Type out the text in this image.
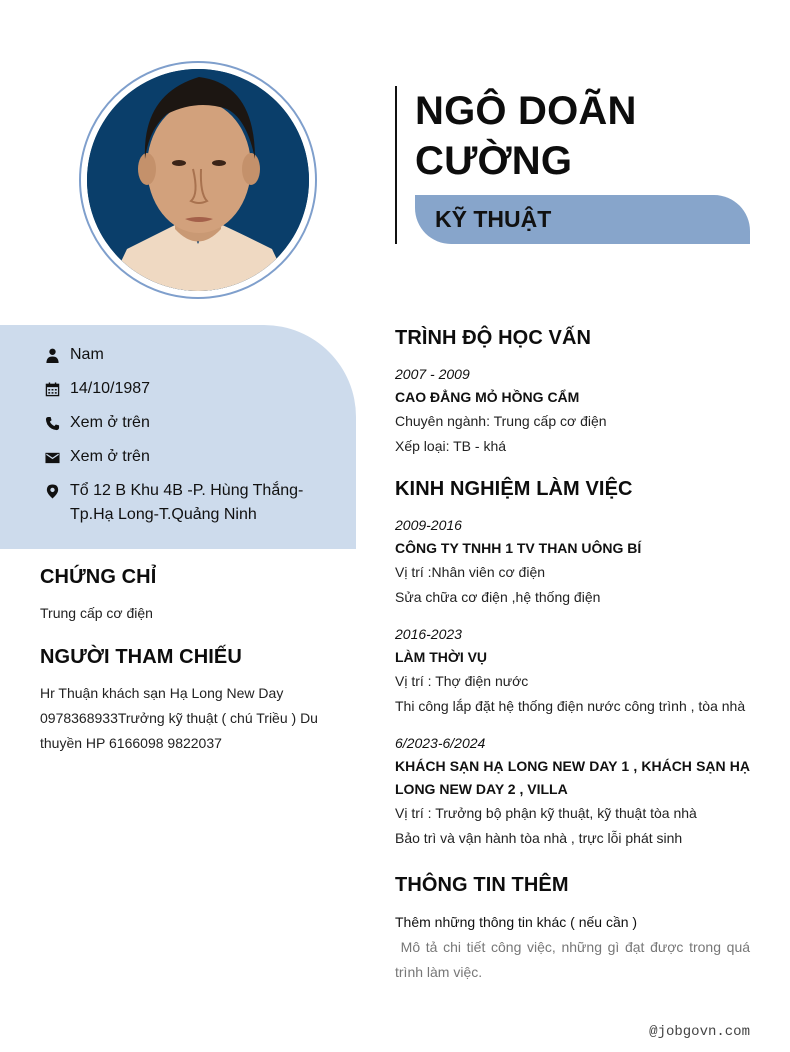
NGÔ DOÃN
CƯỜNG
KỸ THUẬT
Nam
14/10/1987
Xem ở trên
Xem ở trên
Tổ 12 B Khu 4B -P. Hùng Thắng-Tp.Hạ Long-T.Quảng Ninh
CHỨNG CHỈ
Trung cấp cơ điện
NGƯỜI THAM CHIẾU
Hr Thuận khách sạn Hạ Long New Day 0978368933Trưởng kỹ thuật ( chú Triều ) Du thuyền HP 6166098 9822037
TRÌNH ĐỘ HỌC VẤN
2007 - 2009
CAO ĐẲNG MỎ HỒNG CẨM
Chuyên ngành: Trung cấp cơ điện
Xếp loại: TB - khá
KINH NGHIỆM LÀM VIỆC
2009-2016
CÔNG TY TNHH 1 TV THAN UÔNG BÍ
Vị trí :Nhân viên cơ điện
Sửa chữa cơ điện ,hệ thống điện
2016-2023
LÀM THỜI VỤ
Vị trí : Thợ điện nước
Thi công lắp đặt hệ thống điện nước công trình , tòa nhà
6/2023-6/2024
KHÁCH SẠN HẠ LONG NEW DAY 1 , KHÁCH SẠN HẠ LONG NEW DAY 2 , VILLA
Vị trí : Trưởng bộ phận kỹ thuật, kỹ thuật tòa nhà
Bảo trì và vận hành tòa nhà , trực lỗi phát sinh
THÔNG TIN THÊM
Thêm những thông tin khác ( nếu cần )
Mô tả chi tiết công việc, những gì đạt được trong quá trình làm việc.
@jobgovn.com
